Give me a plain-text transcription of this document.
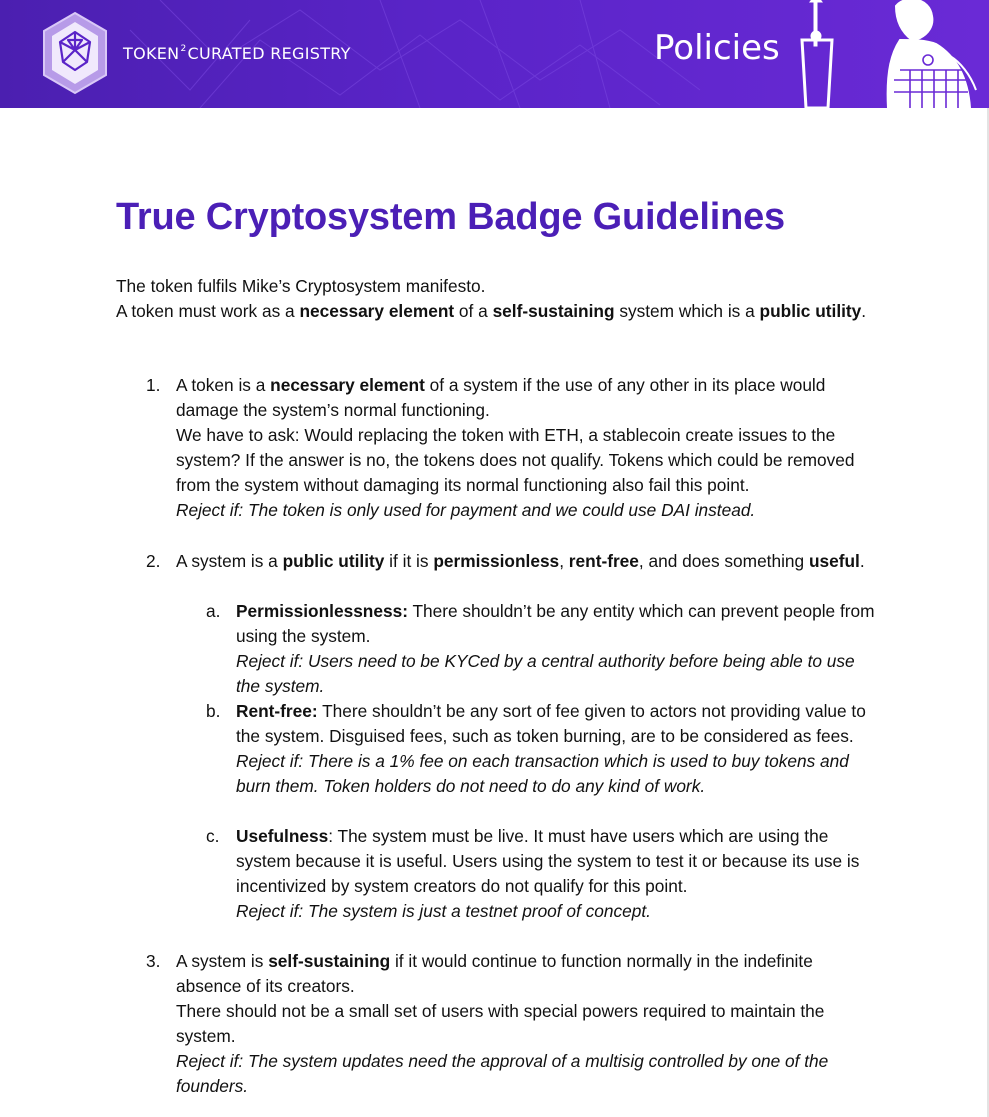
TOKEN$^2$CURATED REGISTRY	Policies
True Cryptosystem Badge Guidelines

The token fulfils Mike’s Cryptosystem manifesto.

A token must work as a necessary element of a self-sustaining system which is a public utility.

1. A token is a necessary element of a system if the use of any other in its place would damage the system’s normal functioning.

We have to ask: Would replacing the token with ETH, a stablecoin create issues to the system? If the answer is no, the tokens does not qualify. Tokens which could be removed from the system without damaging its normal functioning also fail this point.

Reject if: The token is only used for payment and we could use DAI instead.

2. A system is a public utility if it is permissionless, rent-free, and does something useful.

a. Permissionlessness: There shouldn’t be any entity which can prevent people from using the system.

Reject if: Users need to be KYCed by a central authority before being able to use the system.

b. Rent-free: There shouldn’t be any sort of fee given to actors not providing value to the system. Disguised fees, such as token burning, are to be considered as fees.

Reject if: There is a 1% fee on each transaction which is used to buy tokens and burn them. Token holders do not need to do any kind of work.

c. Usefulness: The system must be live. It must have users which are using the system because it is useful. Users using the system to test it or because its use is incentivized by system creators do not qualify for this point.

Reject if: The system is just a testnet proof of concept.

3. A system is self-sustaining if it would continue to function normally in the indefinite absence of its creators.

There should not be a small set of users with special powers required to maintain the system.

Reject if: The system updates need the approval of a multisig controlled by one of the founders.
